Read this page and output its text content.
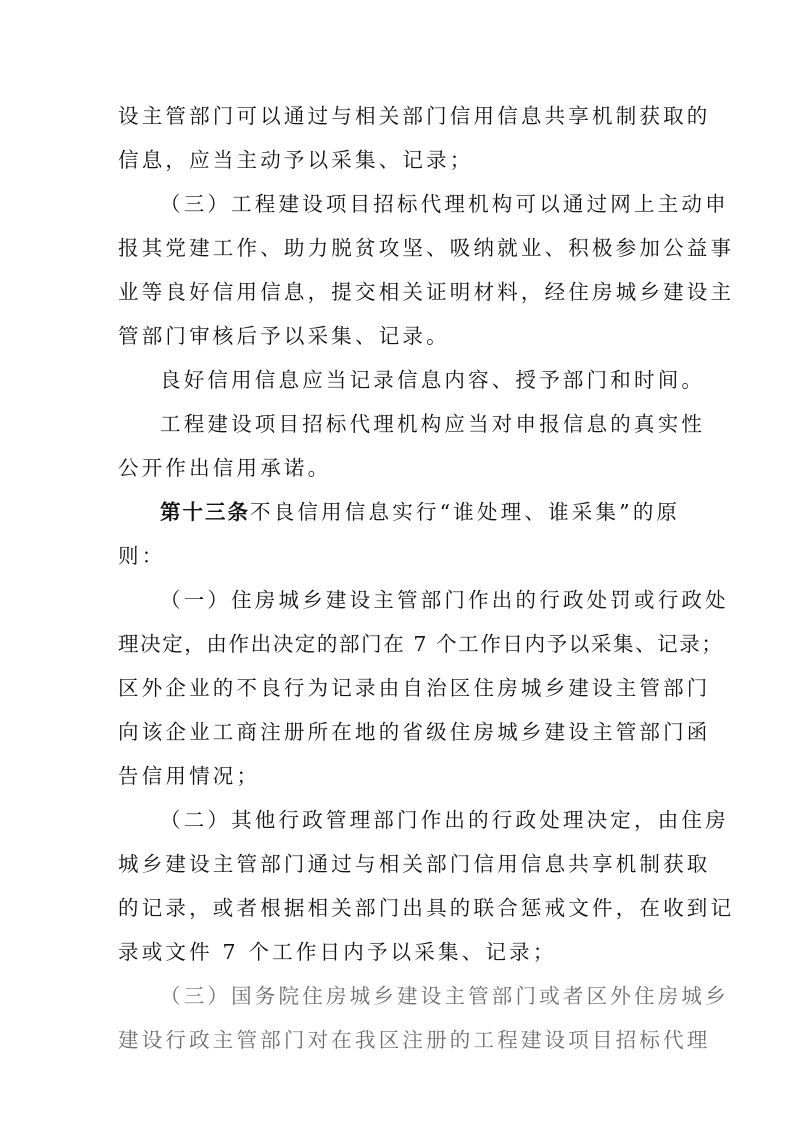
设主管部门可以通过与相关部门信用信息共享机制获取的
信息，应当主动予以采集、记录；
（三）工程建设项目招标代理机构可以通过网上主动申
报其党建工作、助力脱贫攻坚、吸纳就业、积极参加公益事
业等良好信用信息，提交相关证明材料，经住房城乡建设主
管部门审核后予以采集、记录。
良好信用信息应当记录信息内容、授予部门和时间。
工程建设项目招标代理机构应当对申报信息的真实性
公开作出信用承诺。
第十三条不良信用信息实行“谁处理、谁采集”的原
则：
（一）住房城乡建设主管部门作出的行政处罚或行政处
理决定，由作出决定的部门在 7 个工作日内予以采集、记录；
区外企业的不良行为记录由自治区住房城乡建设主管部门
向该企业工商注册所在地的省级住房城乡建设主管部门函
告信用情况；
（二）其他行政管理部门作出的行政处理决定，由住房
城乡建设主管部门通过与相关部门信用信息共享机制获取
的记录，或者根据相关部门出具的联合惩戒文件，在收到记
录或文件 7 个工作日内予以采集、记录；
（三）国务院住房城乡建设主管部门或者区外住房城乡
建设行政主管部门对在我区注册的工程建设项目招标代理
